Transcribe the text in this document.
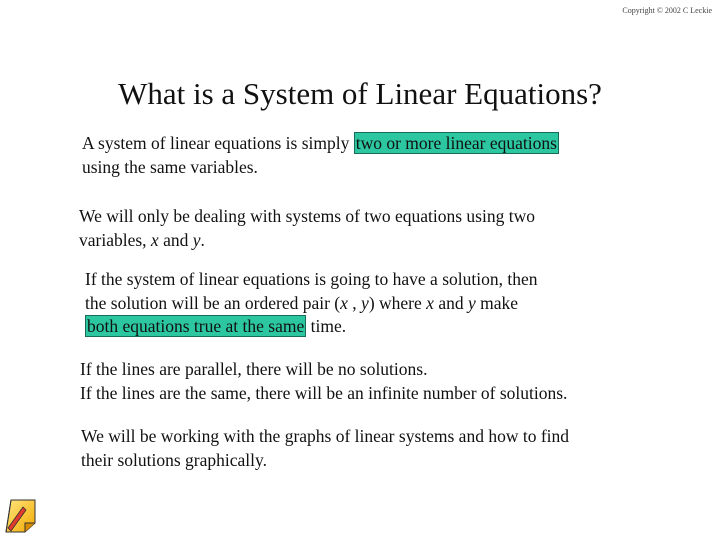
Copyright © 2002 C Leckie
What is a System of Linear Equations?

A system of linear equations is simply two or more linear equations
using the same variables.

We will only be dealing with systems of two equations using two
variables, x and y.

If the system of linear equations is going to have a solution, then
the solution will be an ordered pair (x , y) where x and y make
both equations true at the same time.

If the lines are parallel, there will be no solutions.
If the lines are the same, there will be an infinite number of solutions.

We will be working with the graphs of linear systems and how to find
their solutions graphically.
